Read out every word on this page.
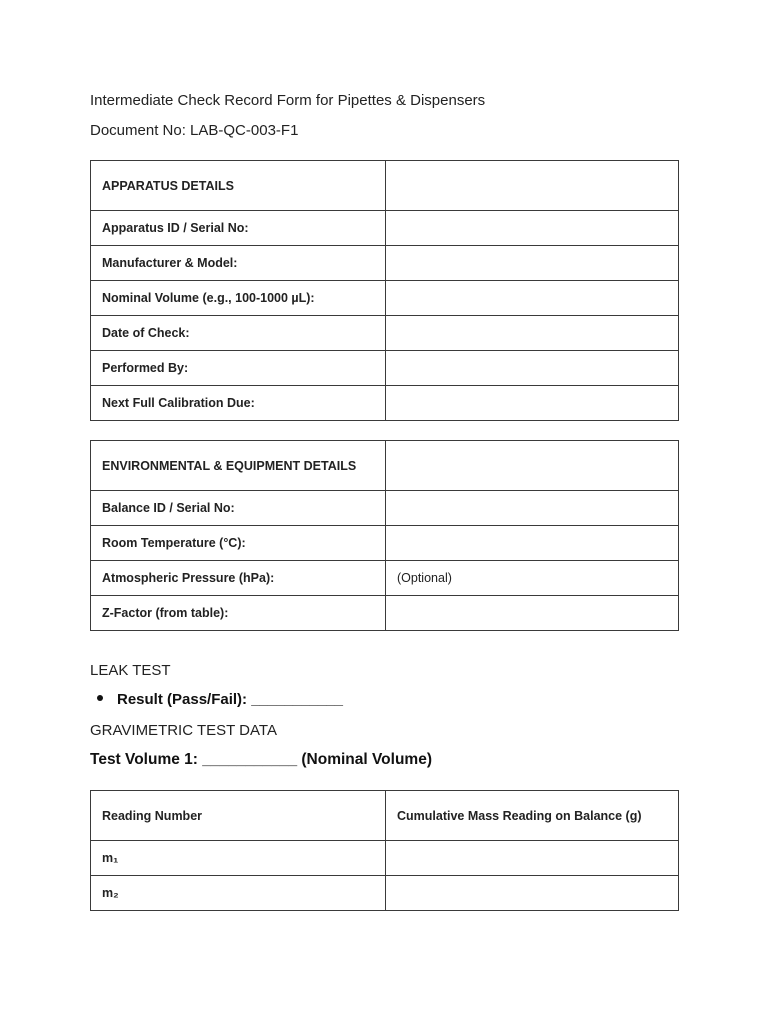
Intermediate Check Record Form for Pipettes & Dispensers
Document No: LAB-QC-003-F1
APPARATUS DETAILS	
Apparatus ID / Serial No:	
Manufacturer & Model:	
Nominal Volume (e.g., 100-1000 µL):	
Date of Check:	
Performed By:	
Next Full Calibration Due:	
ENVIRONMENTAL & EQUIPMENT DETAILS	
Balance ID / Serial No:	
Room Temperature (°C):	
Atmospheric Pressure (hPa):	(Optional)
Z-Factor (from table):	
LEAK TEST
Result (Pass/Fail): ___________
GRAVIMETRIC TEST DATA
Test Volume 1: ___________ (Nominal Volume)
Reading Number	Cumulative Mass Reading on Balance (g)
m₁	
m₂	
